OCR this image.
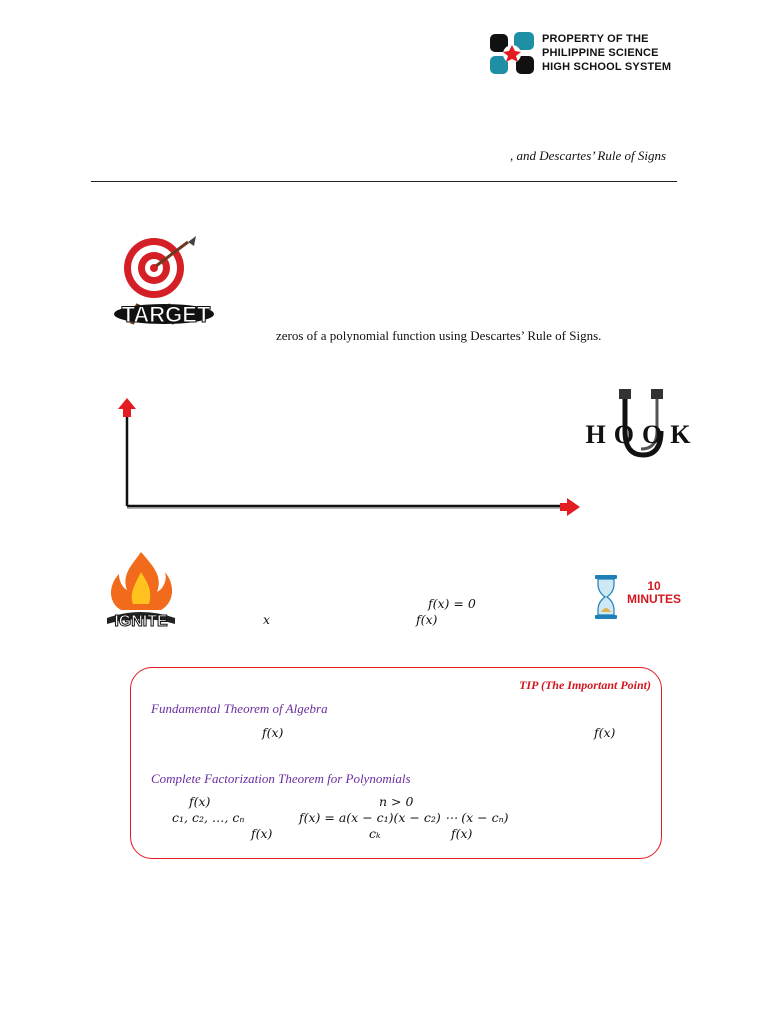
PROPERTY OF THE
PHILIPPINE SCIENCE
HIGH SCHOOL SYSTEM
, and Descartes’ Rule of Signs
TARGET
zeros of a polynomial function using Descartes’ Rule of Signs.
HOOK
IGNITE
f(x) = 0
x	f(x)
10
MINUTES
TIP (The Important Point)
Fundamental Theorem of Algebra
f(x)	f(x)
Complete Factorization Theorem for Polynomials
f(x)	n > 0
c₁, c₂, …, cₙ	f(x) = a(x − c₁)(x − c₂) ⋯ (x − cₙ)
f(x)	cₖ	f(x)
